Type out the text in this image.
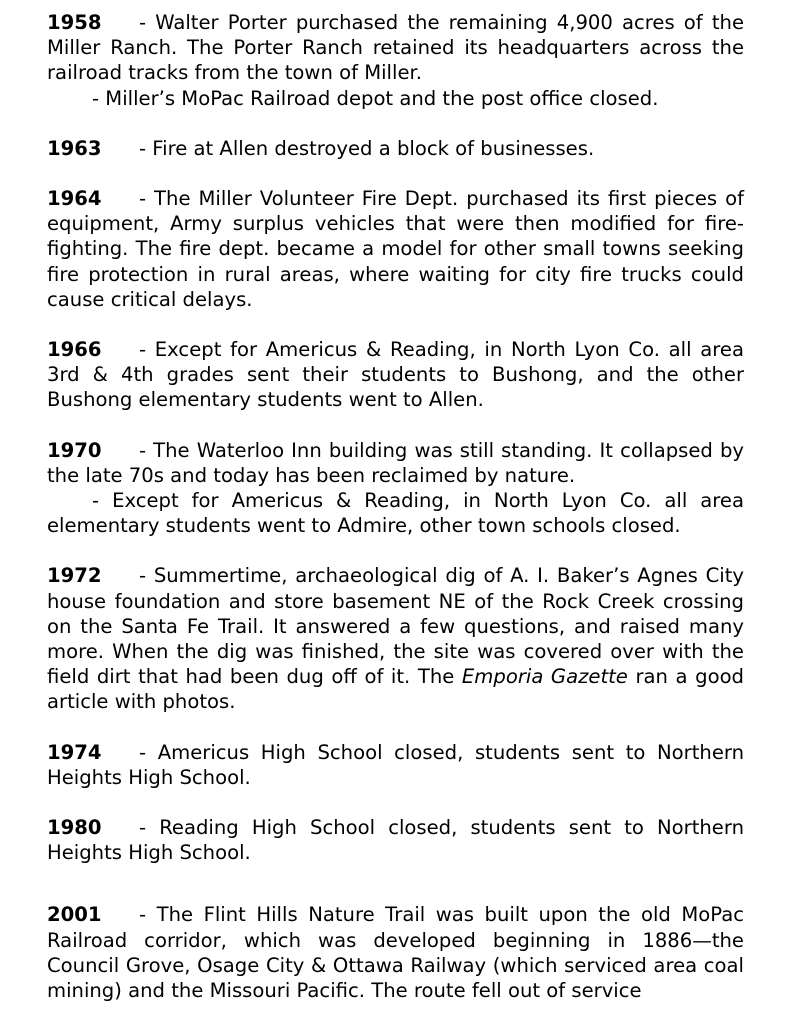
1958 - Walter Porter purchased the remaining 4,900 acres of the Miller Ranch. The Porter Ranch retained its headquarters across the railroad tracks from the town of Miller.

- Miller’s MoPac Railroad depot and the post office closed.

1963 - Fire at Allen destroyed a block of businesses.

1964 - The Miller Volunteer Fire Dept. purchased its first pieces of equipment, Army surplus vehicles that were then modified for fire-fighting. The fire dept. became a model for other small towns seeking fire protection in rural areas, where waiting for city fire trucks could cause critical delays.

1966 - Except for Americus & Reading, in North Lyon Co. all area 3rd & 4th grades sent their students to Bushong, and the other Bushong elementary students went to Allen.

1970 - The Waterloo Inn building was still standing. It collapsed by the late 70s and today has been reclaimed by nature.

- Except for Americus & Reading, in North Lyon Co. all area elementary students went to Admire, other town schools closed.

1972 - Summertime, archaeological dig of A. I. Baker’s Agnes City house foundation and store basement NE of the Rock Creek crossing on the Santa Fe Trail. It answered a few questions, and raised many more. When the dig was finished, the site was covered over with the field dirt that had been dug off of it. The Emporia Gazette ran a good article with photos.

1974 - Americus High School closed, students sent to Northern Heights High School.

1980 - Reading High School closed, students sent to Northern Heights High School.

2001 - The Flint Hills Nature Trail was built upon the old MoPac Railroad corridor, which was developed beginning in 1886—the Council Grove, Osage City & Ottawa Railway (which serviced area coal mining) and the Missouri Pacific. The route fell out of service
